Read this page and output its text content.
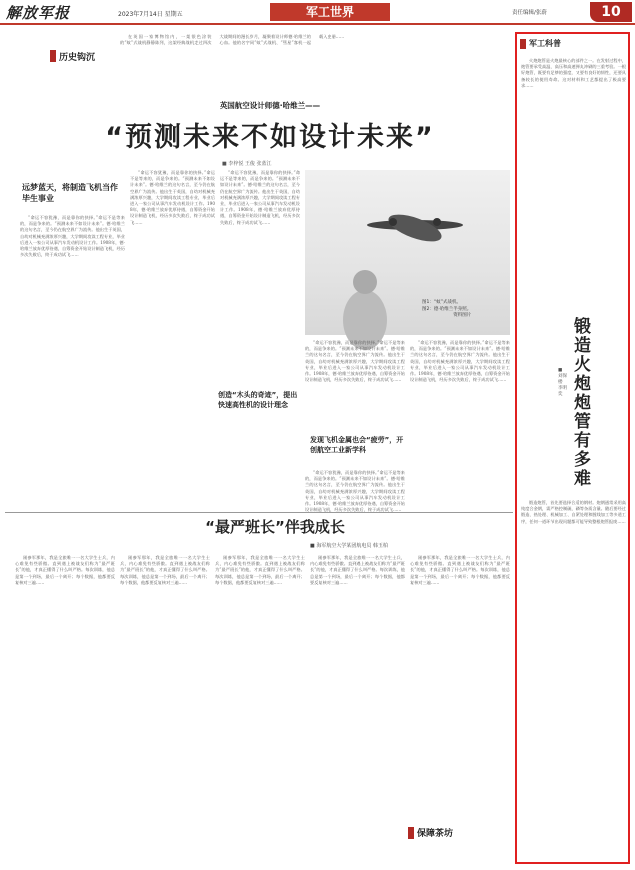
解放军报	2023年7月14日 星期五	军工世界	责任编辑/张蔚	10
历史钩沉

在英国一家博物馆内，一架银色涂装的“蚊”式战机静静陈列，这架经典战机走过四次大战期间的漫长岁月，凝聚着设计师德·哈维兰的心血。他的名字同“蚊”式战机、“彗星”客机一起载入史册……

英国航空设计师德·哈维兰——
“预测未来不如设计未来”
■ 李梓悦 王俊 张蓝江
远梦蓝天，将制造飞机当作毕生事业

“命运不容犹豫，而是靠你的抉择。”命运不是等来的，而是争来的。“预测未来不如设计未来”。德·哈维兰的这句名言，至今仍在航空界广为流传。他出生于英国，自幼对机械充满浓厚兴趣，大学期间攻读工程专业，毕业后进入一家公司从事汽车发动机设计工作。1908年，德·哈维兰放弃优厚待遇，自筹资金开始设计制造飞机，经历多次失败后，终于成功试飞……

“命运不容犹豫，而是靠你的抉择。”命运不是等来的，而是争来的。“预测未来不如设计未来”。德·哈维兰的这句名言，至今仍在航空界广为流传。他出生于英国，自幼对机械充满浓厚兴趣，大学期间攻读工程专业，毕业后进入一家公司从事汽车发动机设计工作。1908年，德·哈维兰放弃优厚待遇，自筹资金开始设计制造飞机，经历多次失败后，终于成功试飞……

“命运不容犹豫，而是靠你的抉择。”命运不是等来的，而是争来的。“预测未来不如设计未来”。德·哈维兰的这句名言，至今仍在航空界广为流传。他出生于英国，自幼对机械充满浓厚兴趣，大学期间攻读工程专业，毕业后进入一家公司从事汽车发动机设计工作。1908年，德·哈维兰放弃优厚待遇，自筹资金开始设计制造飞机，经历多次失败后，终于成功试飞……

图1：“蚊”式战机。
图2：德·哈维兰半身照。
资料图片
创造“木头的奇迹”，提出快速高性机的设计理念

“命运不容犹豫，而是靠你的抉择。”命运不是等来的，而是争来的。“预测未来不如设计未来”。德·哈维兰的这句名言，至今仍在航空界广为流传。他出生于英国，自幼对机械充满浓厚兴趣，大学期间攻读工程专业，毕业后进入一家公司从事汽车发动机设计工作。1908年，德·哈维兰放弃优厚待遇，自筹资金开始设计制造飞机，经历多次失败后，终于成功试飞……

发现飞机金属也会“疲劳”，开创航空工业新学科

“命运不容犹豫，而是靠你的抉择。”命运不是等来的，而是争来的。“预测未来不如设计未来”。德·哈维兰的这句名言，至今仍在航空界广为流传。他出生于英国，自幼对机械充满浓厚兴趣，大学期间攻读工程专业，毕业后进入一家公司从事汽车发动机设计工作。1908年，德·哈维兰放弃优厚待遇，自筹资金开始设计制造飞机，经历多次失败后，终于成功试飞……

“命运不容犹豫，而是靠你的抉择。”命运不是等来的，而是争来的。“预测未来不如设计未来”。德·哈维兰的这句名言，至今仍在航空界广为流传。他出生于英国，自幼对机械充满浓厚兴趣，大学期间攻读工程专业，毕业后进入一家公司从事汽车发动机设计工作。1908年，德·哈维兰放弃优厚待遇，自筹资金开始设计制造飞机，经历多次失败后，终于成功试飞……

“最严班长”伴我成长
■ 海军航空大学某团航电员 韩玉柏

刚参军那年，我是全旅唯一一名大学生士兵，内心难免有些骄傲。直到遇上被战友们称为“最严班长”的他，才真正懂得了什么叫严格。每次训练，他总是第一个到场，最后一个离开；每个数据，他都要反复核对三遍……

刚参军那年，我是全旅唯一一名大学生士兵，内心难免有些骄傲。直到遇上被战友们称为“最严班长”的他，才真正懂得了什么叫严格。每次训练，他总是第一个到场，最后一个离开；每个数据，他都要反复核对三遍……

刚参军那年，我是全旅唯一一名大学生士兵，内心难免有些骄傲。直到遇上被战友们称为“最严班长”的他，才真正懂得了什么叫严格。每次训练，他总是第一个到场，最后一个离开；每个数据，他都要反复核对三遍……

刚参军那年，我是全旅唯一一名大学生士兵，内心难免有些骄傲。直到遇上被战友们称为“最严班长”的他，才真正懂得了什么叫严格。每次训练，他总是第一个到场，最后一个离开；每个数据，他都要反复核对三遍……

刚参军那年，我是全旅唯一一名大学生士兵，内心难免有些骄傲。直到遇上被战友们称为“最严班长”的他，才真正懂得了什么叫严格。每次训练，他总是第一个到场，最后一个离开；每个数据，他都要反复核对三遍……

保障茶坊
军工科普

火炮炮管是火炮最核心的部件之一。在发射过程中，炮管要承受高温、高压和高速弹丸冲刷的三重考验。一根好炮管，既要有足够的强度，又要有良好的韧性，还要具备较长的使用寿命。这对材料和工艺都提出了极高要求……

锻造火炮炮管有多难
■ 刘保楼 李明奕

锻造炮管，首先要选择合适的钢材。炮钢通常采用高纯度合金钢，需严格控制硫、磷等杂质含量。随后要经过锻造、热处理、机械加工、自紧处理和膛线加工等多道工序，任何一道环节出现问题都可能导致整根炮管报废……
